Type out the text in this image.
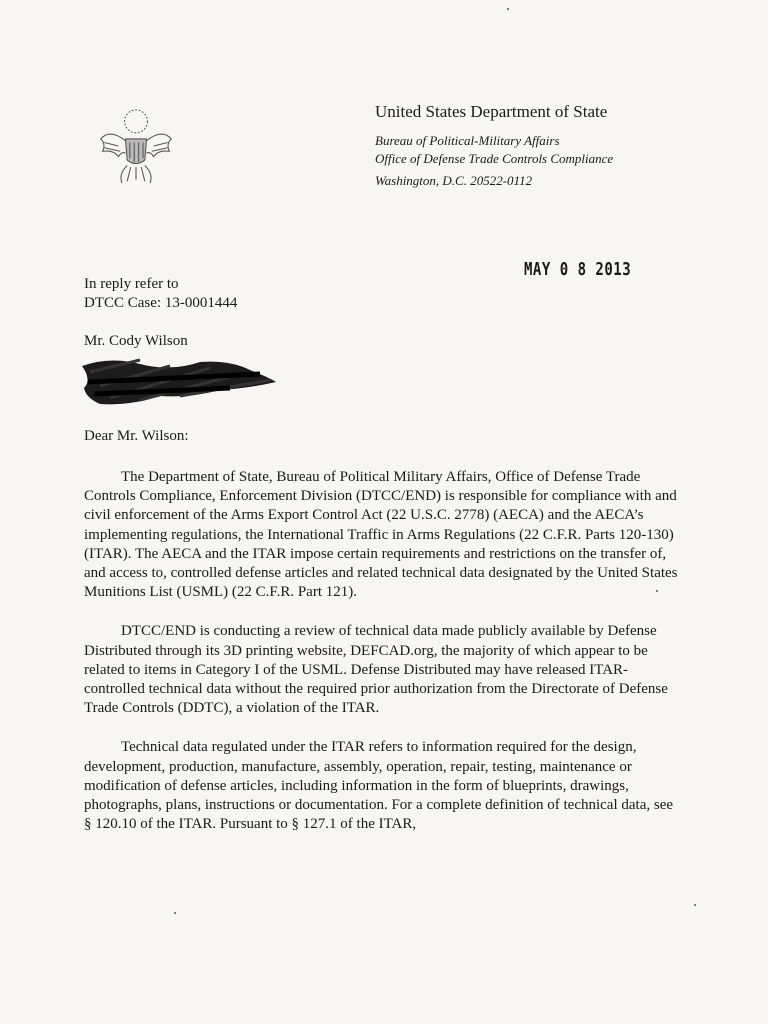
United States Department of State
Bureau of Political-Military Affairs
Office of Defense Trade Controls Compliance
Washington, D.C. 20522-0112
MAY 0 8 2013
In reply refer to
DTCC Case: 13-0001444
Mr. Cody Wilson
Dear Mr. Wilson:

The Department of State, Bureau of Political Military Affairs, Office of Defense Trade Controls Compliance, Enforcement Division (DTCC/END) is responsible for compliance with and civil enforcement of the Arms Export Control Act (22 U.S.C. 2778) (AECA) and the AECA’s implementing regulations, the International Traffic in Arms Regulations (22 C.F.R. Parts 120-130) (ITAR). The AECA and the ITAR impose certain requirements and restrictions on the transfer of, and access to, controlled defense articles and related technical data designated by the United States Munitions List (USML) (22 C.F.R. Part 121).

DTCC/END is conducting a review of technical data made publicly available by Defense Distributed through its 3D printing website, DEFCAD.org, the majority of which appear to be related to items in Category I of the USML. Defense Distributed may have released ITAR-controlled technical data without the required prior authorization from the Directorate of Defense Trade Controls (DDTC), a violation of the ITAR.

Technical data regulated under the ITAR refers to information required for the design, development, production, manufacture, assembly, operation, repair, testing, maintenance or modification of defense articles, including information in the form of blueprints, drawings, photographs, plans, instructions or documentation. For a complete definition of technical data, see § 120.10 of the ITAR. Pursuant to § 127.1 of the ITAR,
